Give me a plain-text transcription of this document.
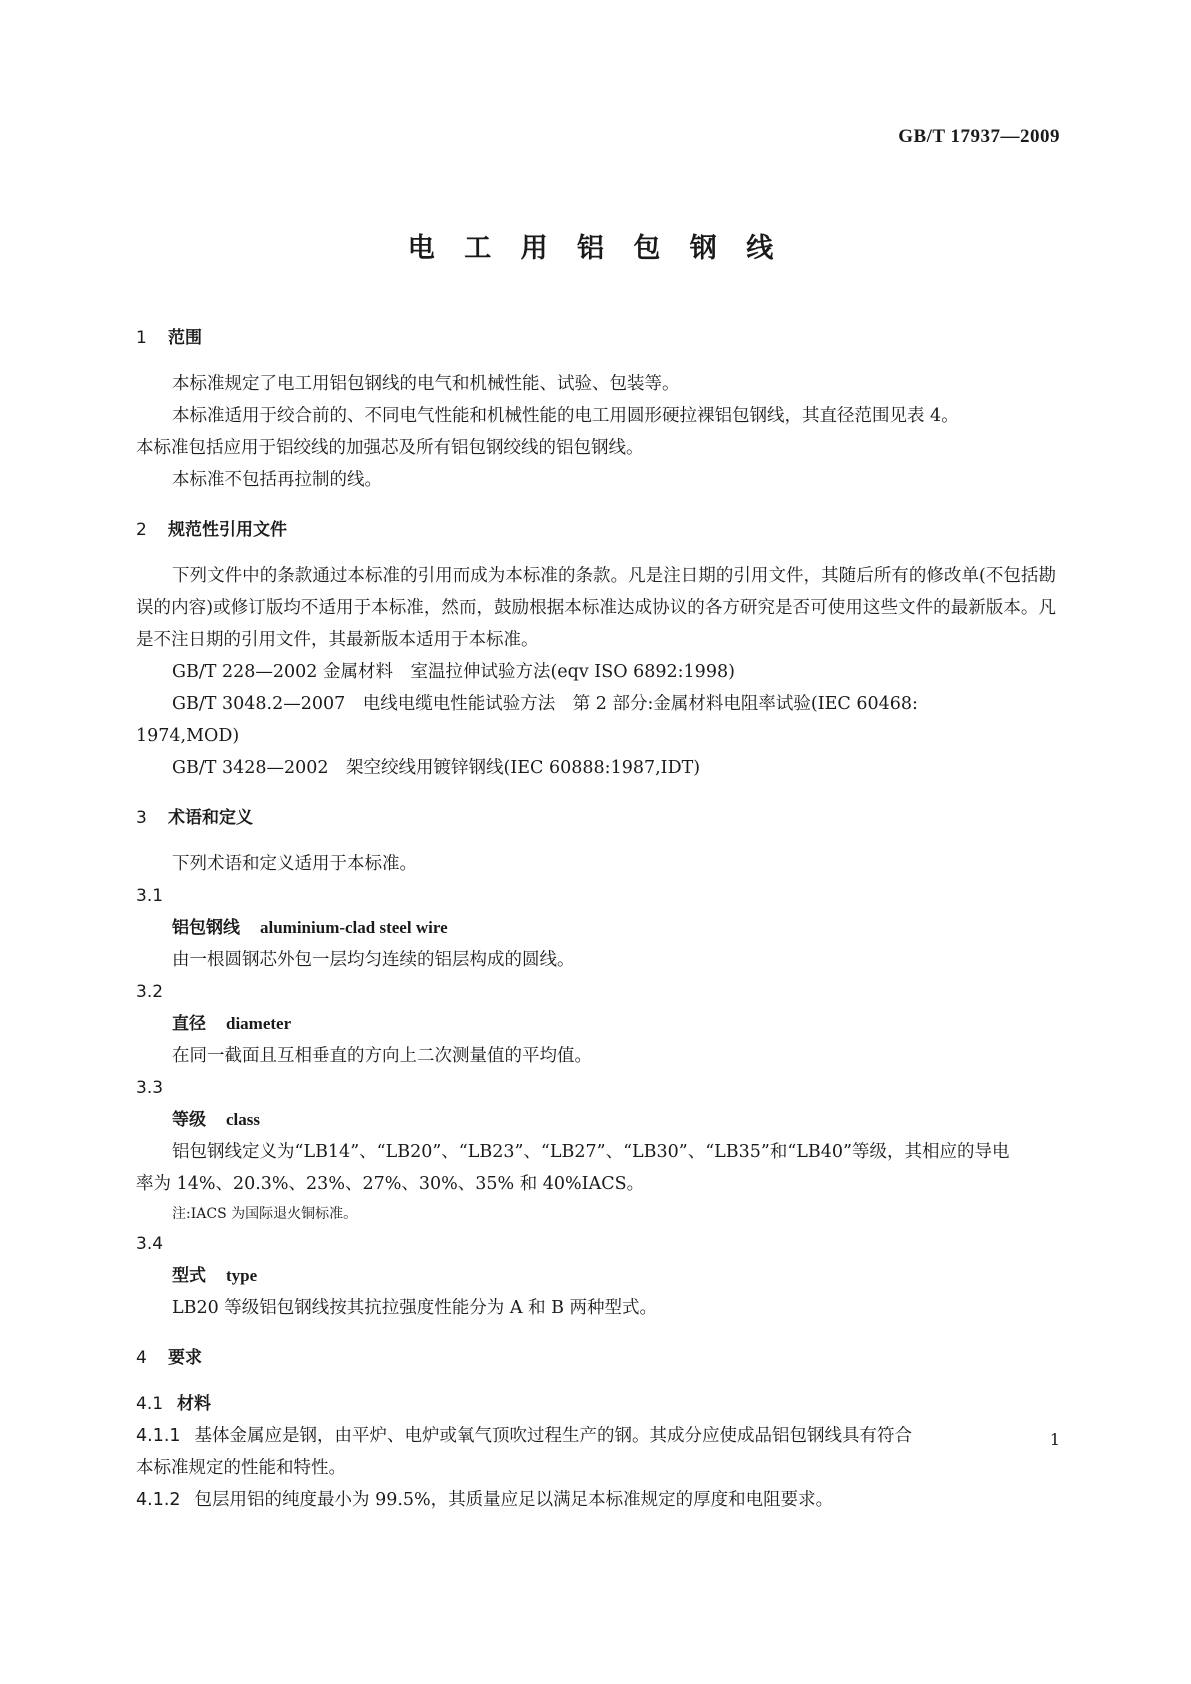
GB/T 17937—2009
电 工 用 铝 包 钢 线
1 范围
本标准规定了电工用铝包钢线的电气和机械性能、试验、包装等。
本标准适用于绞合前的、不同电气性能和机械性能的电工用圆形硬拉裸铝包钢线，其直径范围见表 4。
本标准包括应用于铝绞线的加强芯及所有铝包钢绞线的铝包钢线。
本标准不包括再拉制的线。
2 规范性引用文件
下列文件中的条款通过本标准的引用而成为本标准的条款。凡是注日期的引用文件，其随后所有的修改单(不包括勘误的内容)或修订版均不适用于本标准，然而，鼓励根据本标准达成协议的各方研究是否可使用这些文件的最新版本。凡是不注日期的引用文件，其最新版本适用于本标准。
GB/T 228—2002 金属材料　室温拉伸试验方法(eqv ISO 6892:1998)
GB/T 3048.2—2007　电线电缆电性能试验方法　第 2 部分:金属材料电阻率试验(IEC 60468:
1974,MOD)
GB/T 3428—2002　架空绞线用镀锌钢线(IEC 60888:1987,IDT)
3 术语和定义
下列术语和定义适用于本标准。
3.1
铝包钢线 aluminium-clad steel wire
由一根圆钢芯外包一层均匀连续的铝层构成的圆线。
3.2
直径 diameter
在同一截面且互相垂直的方向上二次测量值的平均值。
3.3
等级 class
铝包钢线定义为“LB14”、“LB20”、“LB23”、“LB27”、“LB30”、“LB35”和“LB40”等级，其相应的导电
率为 14%、20.3%、23%、27%、30%、35% 和 40%IACS。
注:IACS 为国际退火铜标准。
3.4
型式 type
LB20 等级铝包钢线按其抗拉强度性能分为 A 和 B 两种型式。
4 要求
4.1 材料
4.1.1 基体金属应是钢，由平炉、电炉或氧气顶吹过程生产的钢。其成分应使成品铝包钢线具有符合
本标准规定的性能和特性。
4.1.2 包层用铝的纯度最小为 99.5%，其质量应足以满足本标准规定的厚度和电阻要求。
1
